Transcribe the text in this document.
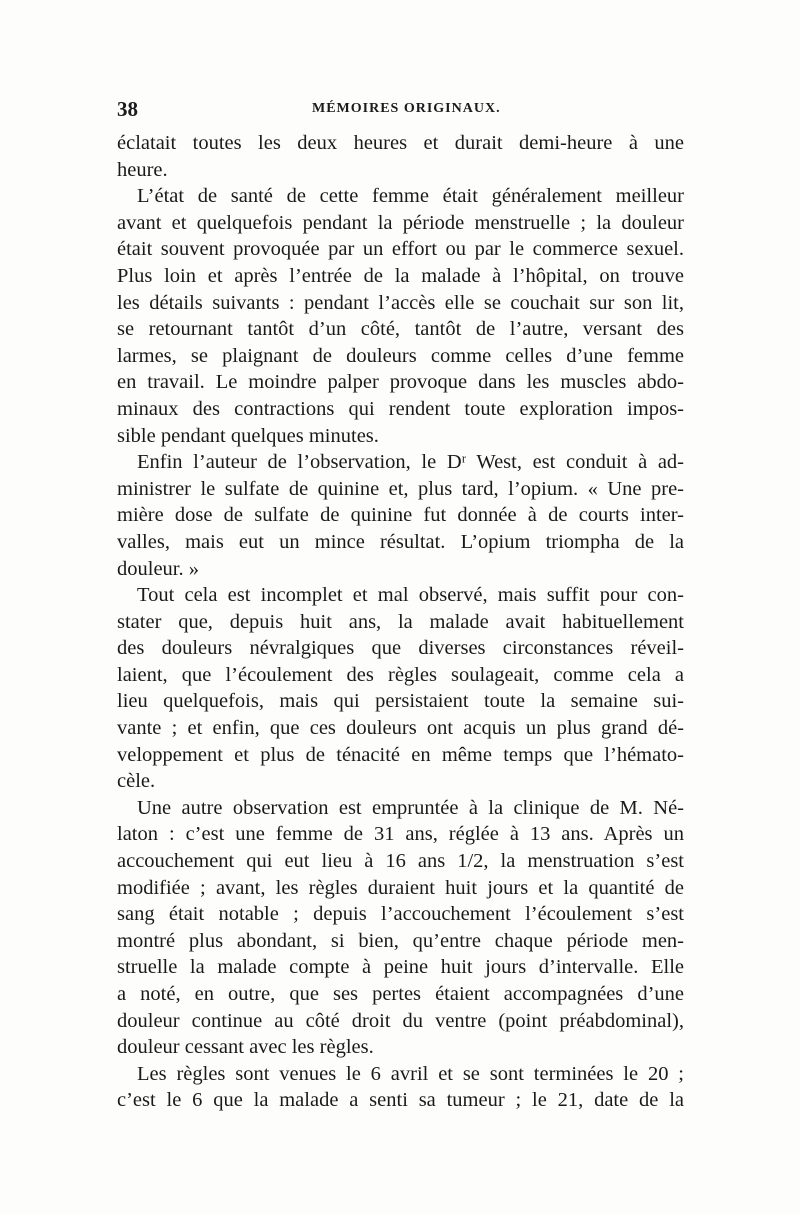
38	MÉMOIRES ORIGINAUX.
éclatait toutes les deux heures et durait demi-heure à une
heure.
L’état de santé de cette femme était généralement meilleur
avant et quelquefois pendant la période menstruelle ; la douleur
était souvent provoquée par un effort ou par le commerce sexuel.
Plus loin et après l’entrée de la malade à l’hôpital, on trouve
les détails suivants : pendant l’accès elle se couchait sur son lit,
se retournant tantôt d’un côté, tantôt de l’autre, versant des
larmes, se plaignant de douleurs comme celles d’une femme
en travail. Le moindre palper provoque dans les muscles abdo-
minaux des contractions qui rendent toute exploration impos-
sible pendant quelques minutes.
Enfin l’auteur de l’observation, le Dʳ West, est conduit à ad-
ministrer le sulfate de quinine et, plus tard, l’opium. « Une pre-
mière dose de sulfate de quinine fut donnée à de courts inter-
valles, mais eut un mince résultat. L’opium triompha de la
douleur. »
Tout cela est incomplet et mal observé, mais suffit pour con-
stater que, depuis huit ans, la malade avait habituellement
des douleurs névralgiques que diverses circonstances réveil-
laient, que l’écoulement des règles soulageait, comme cela a
lieu quelquefois, mais qui persistaient toute la semaine sui-
vante ; et enfin, que ces douleurs ont acquis un plus grand dé-
veloppement et plus de ténacité en même temps que l’hémato-
cèle.
Une autre observation est empruntée à la clinique de M. Né-
laton : c’est une femme de 31 ans, réglée à 13 ans. Après un
accouchement qui eut lieu à 16 ans 1/2, la menstruation s’est
modifiée ; avant, les règles duraient huit jours et la quantité de
sang était notable ; depuis l’accouchement l’écoulement s’est
montré plus abondant, si bien, qu’entre chaque période men-
struelle la malade compte à peine huit jours d’intervalle. Elle
a noté, en outre, que ses pertes étaient accompagnées d’une
douleur continue au côté droit du ventre (point préabdominal),
douleur cessant avec les règles.
Les règles sont venues le 6 avril et se sont terminées le 20 ;
c’est le 6 que la malade a senti sa tumeur ; le 21, date de la
